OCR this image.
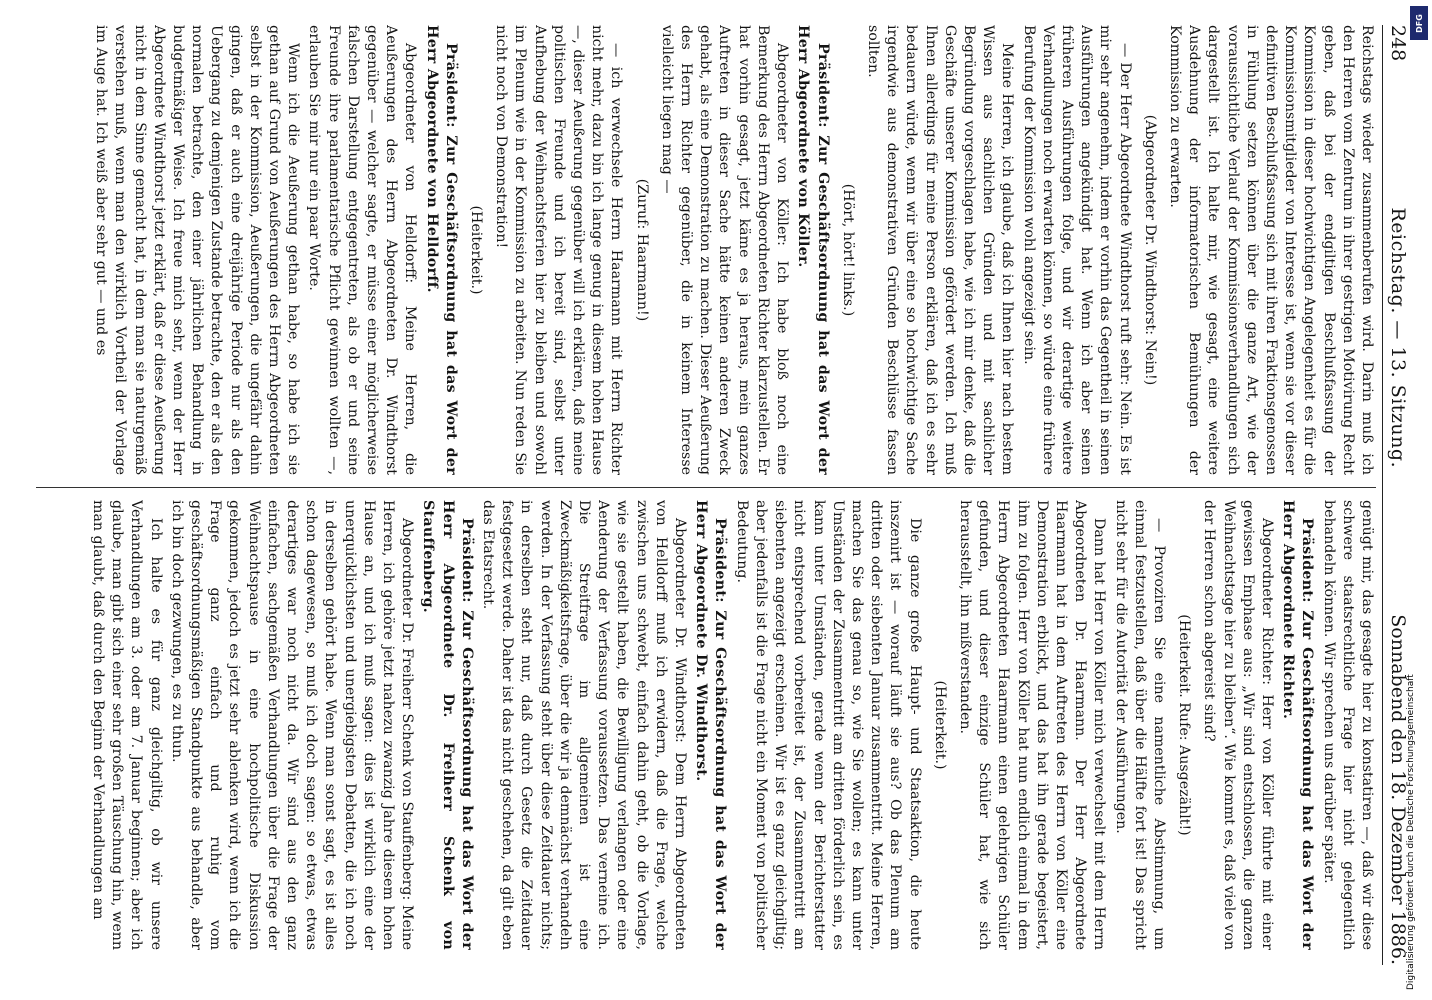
248
Reichstag. — 13. Sitzung.
Sonnabend den 18. Dezember 1886.

Reichstags wieder zusammenberufen wird. Darin muß ich den Herren vom Zentrum in ihrer gestrigen Motivirung Recht geben, daß bei der endgiltigen Beschlußfassung der Kommission in dieser hochwichtigen Angelegenheit es für die Kommissionsmitglieder von Interesse ist, wenn sie vor dieser definitiven Beschlußfassung sich mit ihren Fraktionsgenossen in Fühlung setzen können über die ganze Art, wie der voraussichtliche Verlauf der Kommissionsverhandlungen sich dargestellt ist. Ich halte mir, wie gesagt, eine weitere Ausdehnung der informatorischen Bemühungen der Kommission zu erwarten.

(Abgeordneter Dr. Windthorst: Nein!)

— Der Herr Abgeordnete Windthorst ruft sehr: Nein. Es ist mir sehr angenehm, indem er vorhin das Gegentheil in seinen Ausführungen angekündigt hat. Wenn ich aber seinen früheren Ausführungen folge, und wir derartige weitere Verhandlungen noch erwarten können, so würde eine frühere Berufung der Kommission wohl angezeigt sein.

Meine Herren, ich glaube, daß ich Ihnen hier nach bestem Wissen aus sachlichen Gründen und mit sachlicher Begründung vorgeschlagen habe, wie ich mir denke, daß die Geschäfte unserer Kommission gefördert werden. Ich muß Ihnen allerdings für meine Person erklären, daß ich es sehr bedauern würde, wenn wir über eine so hochwichtige Sache irgendwie aus demonstrativen Gründen Beschlüsse fassen sollten.

(Hört, hört! links.)

Präsident: Zur Geschäftsordnung hat das Wort der Herr Abgeordnete von Köller.

Abgeordneter von Köller: Ich habe bloß noch eine Bemerkung des Herrn Abgeordneten Richter klarzustellen. Er hat vorhin gesagt, jetzt käme es ja heraus, mein ganzes Auftreten in dieser Sache hätte keinen anderen Zweck gehabt, als eine Demonstration zu machen. Dieser Aeußerung des Herrn Richter gegenüber, die in keinem Interesse vielleicht liegen mag —

(Zuruf: Haarmann!)

— ich verwechsele Herrn Haarmann mit Herrn Richter nicht mehr, dazu bin ich lange genug in diesem hohen Hause —, dieser Aeußerung gegenüber will ich erklären, daß meine politischen Freunde und ich bereit sind, selbst unter Aufhebung der Weihnachtsferien hier zu bleiben und sowohl im Plenum wie in der Kommission zu arbeiten. Nun reden Sie nicht noch von Demonstration!

(Heiterkeit.)

Präsident: Zur Geschäftsordnung hat das Wort der Herr Abgeordnete von Helldorff.

Abgeordneter von Helldorff: Meine Herren, die Aeußerungen des Herrn Abgeordneten Dr. Windthorst gegenüber — welcher sagte, er müsse einer möglicherweise falschen Darstellung entgegentreten, als ob er und seine Freunde ihre parlamentarische Pflicht gewinnen wollten —, erlauben Sie mir nur ein paar Worte.

Wenn ich die Aeußerung gethan habe, so habe ich sie gethan auf Grund von Aeußerungen des Herrn Abgeordneten selbst in der Kommission, Aeußerungen, die ungefähr dahin gingen, daß er auch eine dreijährige Periode nur als den Uebergang zu demjenigen Zustande betrachte, den er als den normalen betrachte, den einer jährlichen Behandlung in budgetmäßiger Weise. Ich freue mich sehr, wenn der Herr Abgeordnete Windthorst jetzt erklärt, daß er diese Aeußerung nicht in dem Sinne gemacht hat, in dem man sie naturgemäß verstehen muß, wenn man den wirklich Vortheil der Vorlage im Auge hat. Ich weiß aber sehr gut — und es

genügt mir, das gesagte hier zu konstatiren —, daß wir diese schwere staatsrechtliche Frage hier nicht gelegentlich behandeln können. Wir sprechen uns darüber später.

Präsident: Zur Geschäftsordnung hat das Wort der Herr Abgeordnete Richter.

Abgeordneter Richter: Herr von Köller führte mit einer gewissen Emphase aus: „Wir sind entschlossen, die ganzen Weihnachtstage hier zu bleiben“. Wie kommt es, daß viele von der Herren schon abgereist sind?

(Heiterkeit. Rufe: Ausgezählt!)

— Provoziren Sie eine namentliche Abstimmung, um einmal festzustellen, daß über die Hälfte fort ist! Das spricht nicht sehr für die Autorität der Ausführungen.

Dann hat Herr von Köller mich verwechselt mit dem Herrn Abgeordneten Dr. Haarmann. Der Herr Abgeordnete Haarmann hat in dem Auftreten des Herrn von Köller eine Demonstration erblickt, und das hat ihn gerade begeistert, ihm zu folgen. Herr von Köller hat nun endlich einmal in dem Herrn Abgeordneten Haarmann einen gelehrigen Schüler gefunden, und dieser einzige Schüler hat, wie sich herausstellt, ihn mißverstanden.

(Heiterkeit.)

Die ganze große Haupt- und Staatsaktion, die heute inszenirt ist — worauf läuft sie aus? Ob das Plenum am dritten oder siebenten Januar zusammentritt. Meine Herren, machen Sie das genau so, wie Sie wollen; es kann unter Umständen der Zusammentritt am dritten förderlich sein, es kann unter Umständen, gerade wenn der Berichterstatter nicht entsprechend vorbereitet ist, der Zusammentritt am siebenten angezeigt erscheinen. Wir ist es ganz gleichgiltig; aber jedenfalls ist die Frage nicht ein Moment von politischer Bedeutung.

Präsident: Zur Geschäftsordnung hat das Wort der Herr Abgeordnete Dr. Windthorst.

Abgeordneter Dr. Windthorst: Dem Herrn Abgeordneten von Helldorff muß ich erwidern, daß die Frage, welche zwischen uns schwebt, einfach dahin geht, ob die Vorlage, wie sie gestellt haben, die Bewilligung verlangen oder eine Aenderung der Verfassung voraussetzen. Das verneine ich. Die Streitfrage im allgemeinen ist eine Zweckmäßigkeitsfrage, über die wir ja demnächst verhandeln werden. In der Verfassung steht über diese Zeitdauer nichts; in derselben steht nur, daß durch Gesetz die Zeitdauer festgesetzt werde. Daher ist das nicht geschehen, da gilt eben das Etatsrecht.

Präsident: Zur Geschäftsordnung hat das Wort der Herr Abgeordnete Dr. Freiherr Schenk von Stauffenberg.

Abgeordneter Dr. Freiherr Schenk von Stauffenberg: Meine Herren, ich gehöre jetzt nahezu zwanzig Jahre diesem hohen Hause an, und ich muß sagen: dies ist wirklich eine der unerquicklichsten und unergiebigsten Debatten, die ich noch in derselben gehört habe. Wenn man sonst sagt, es ist alles schon dagewesen, so muß ich doch sagen: so etwas, etwas derartiges war noch nicht da. Wir sind aus den ganz einfachen, sachgemäßen Verhandlungen über die Frage der Weihnachtspause in eine hochpolitische Diskussion gekommen, jedoch es jetzt sehr ablenken wird, wenn ich die Frage ganz einfach und ruhig vom geschäftsordnungsmäßigen Standpunkte aus behandle, aber ich bin doch gezwungen, es zu thun.

Ich halte es für ganz gleichgiltig, ob wir unsere Verhandlungen am 3. oder am 7. Januar beginnen; aber ich glaube, man gibt sich einer sehr großen Täuschung hin, wenn man glaubt, daß durch den Beginn der Verhandlungen am	Digitalisierung gefördert durch die Deutsche Forschungsgemeinschaft
DFG
